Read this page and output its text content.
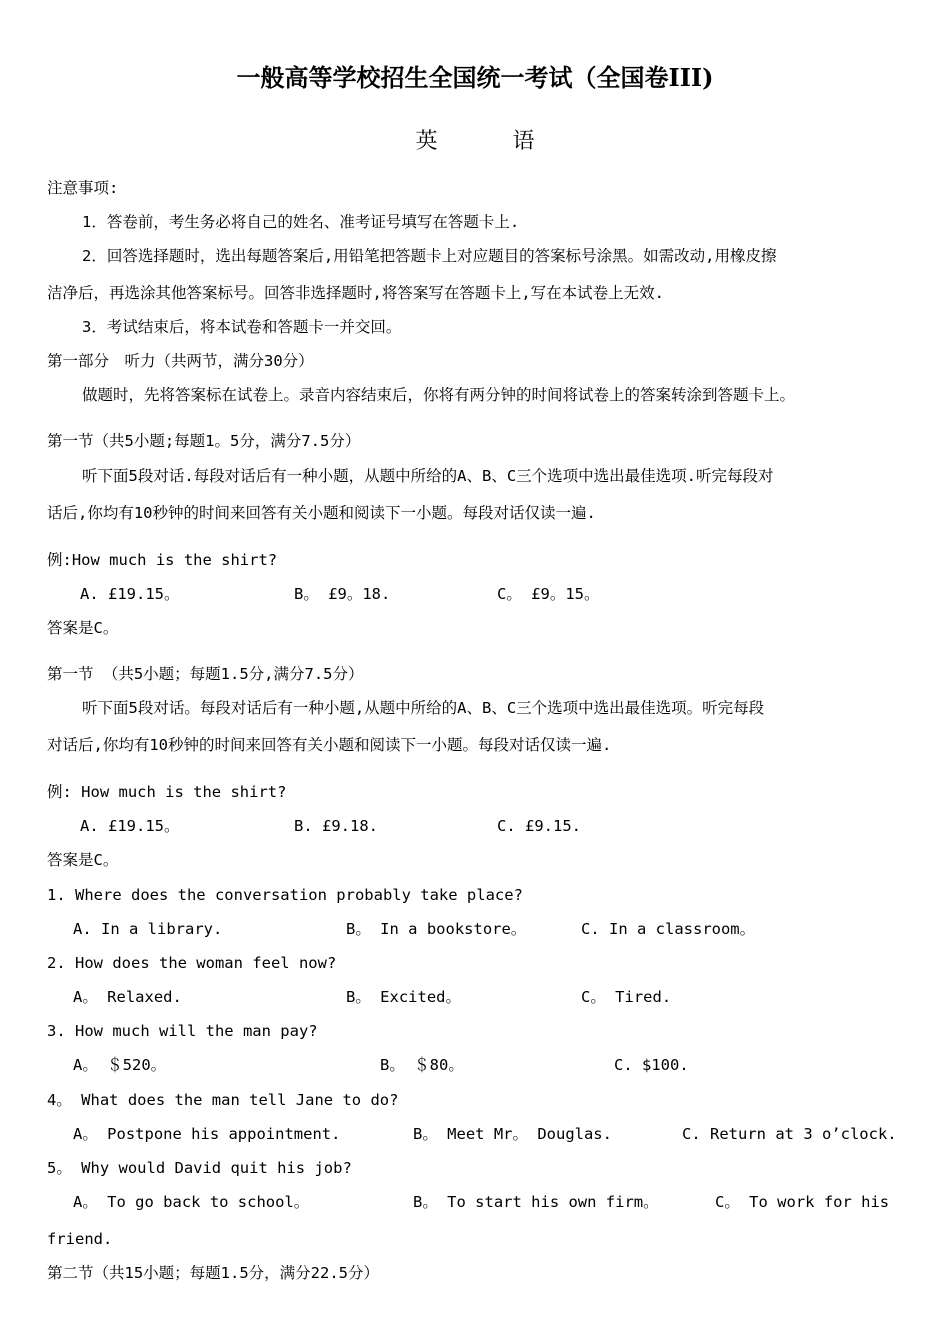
一般高等学校招生全国统一考试（全国卷III)
英 语
注意事项:
1．答卷前，考生务必将自己的姓名、准考证号填写在答题卡上.
2．回答选择题时，选出每题答案后,用铅笔把答题卡上对应题目的答案标号涂黑。如需改动,用橡皮擦
洁净后，再选涂其他答案标号。回答非选择题时,将答案写在答题卡上,写在本试卷上无效.
3．考试结束后，将本试卷和答题卡一并交回。
第一部分　听力（共两节，满分30分）
做题时，先将答案标在试卷上。录音内容结束后，你将有两分钟的时间将试卷上的答案转涂到答题卡上。
第一节（共5小题;每题1。5分，满分7.5分）
听下面5段对话.每段对话后有一种小题，从题中所给的A、B、C三个选项中选出最佳选项.听完每段对
话后,你均有10秒钟的时间来回答有关小题和阅读下一小题。每段对话仅读一遍.
例:How much is the shirt?
A. £19.15。	B。 £9。18.	C。 £9。15。
答案是C。
第一节 （共5小题；每题1.5分,满分7.5分）
听下面5段对话。每段对话后有一种小题,从题中所给的A、B、C三个选项中选出最佳选项。听完每段
对话后,你均有10秒钟的时间来回答有关小题和阅读下一小题。每段对话仅读一遍.
例: How much is the shirt?
A. £19.15。	B. £9.18.	C. £9.15.
答案是C。
1. Where does the conversation probably take place?
A. In a library.	B。 In a bookstore。	C. In a classroom。
2. How does the woman feel now?
A。 Relaxed.	B。 Excited。	C。 Tired.
3. How much will the man pay?
A。 ＄520。	B。 ＄80。	C. $100.
4。 What does the man tell Jane to do?
A。 Postpone his appointment.	B。 Meet Mr。 Douglas.	C. Return at 3 o’clock.
5。 Why would David quit his job?
A。 To go back to school。	B。 To start his own firm。	C。 To work for his
friend.
第二节（共15小题；每题1.5分，满分22.5分）
